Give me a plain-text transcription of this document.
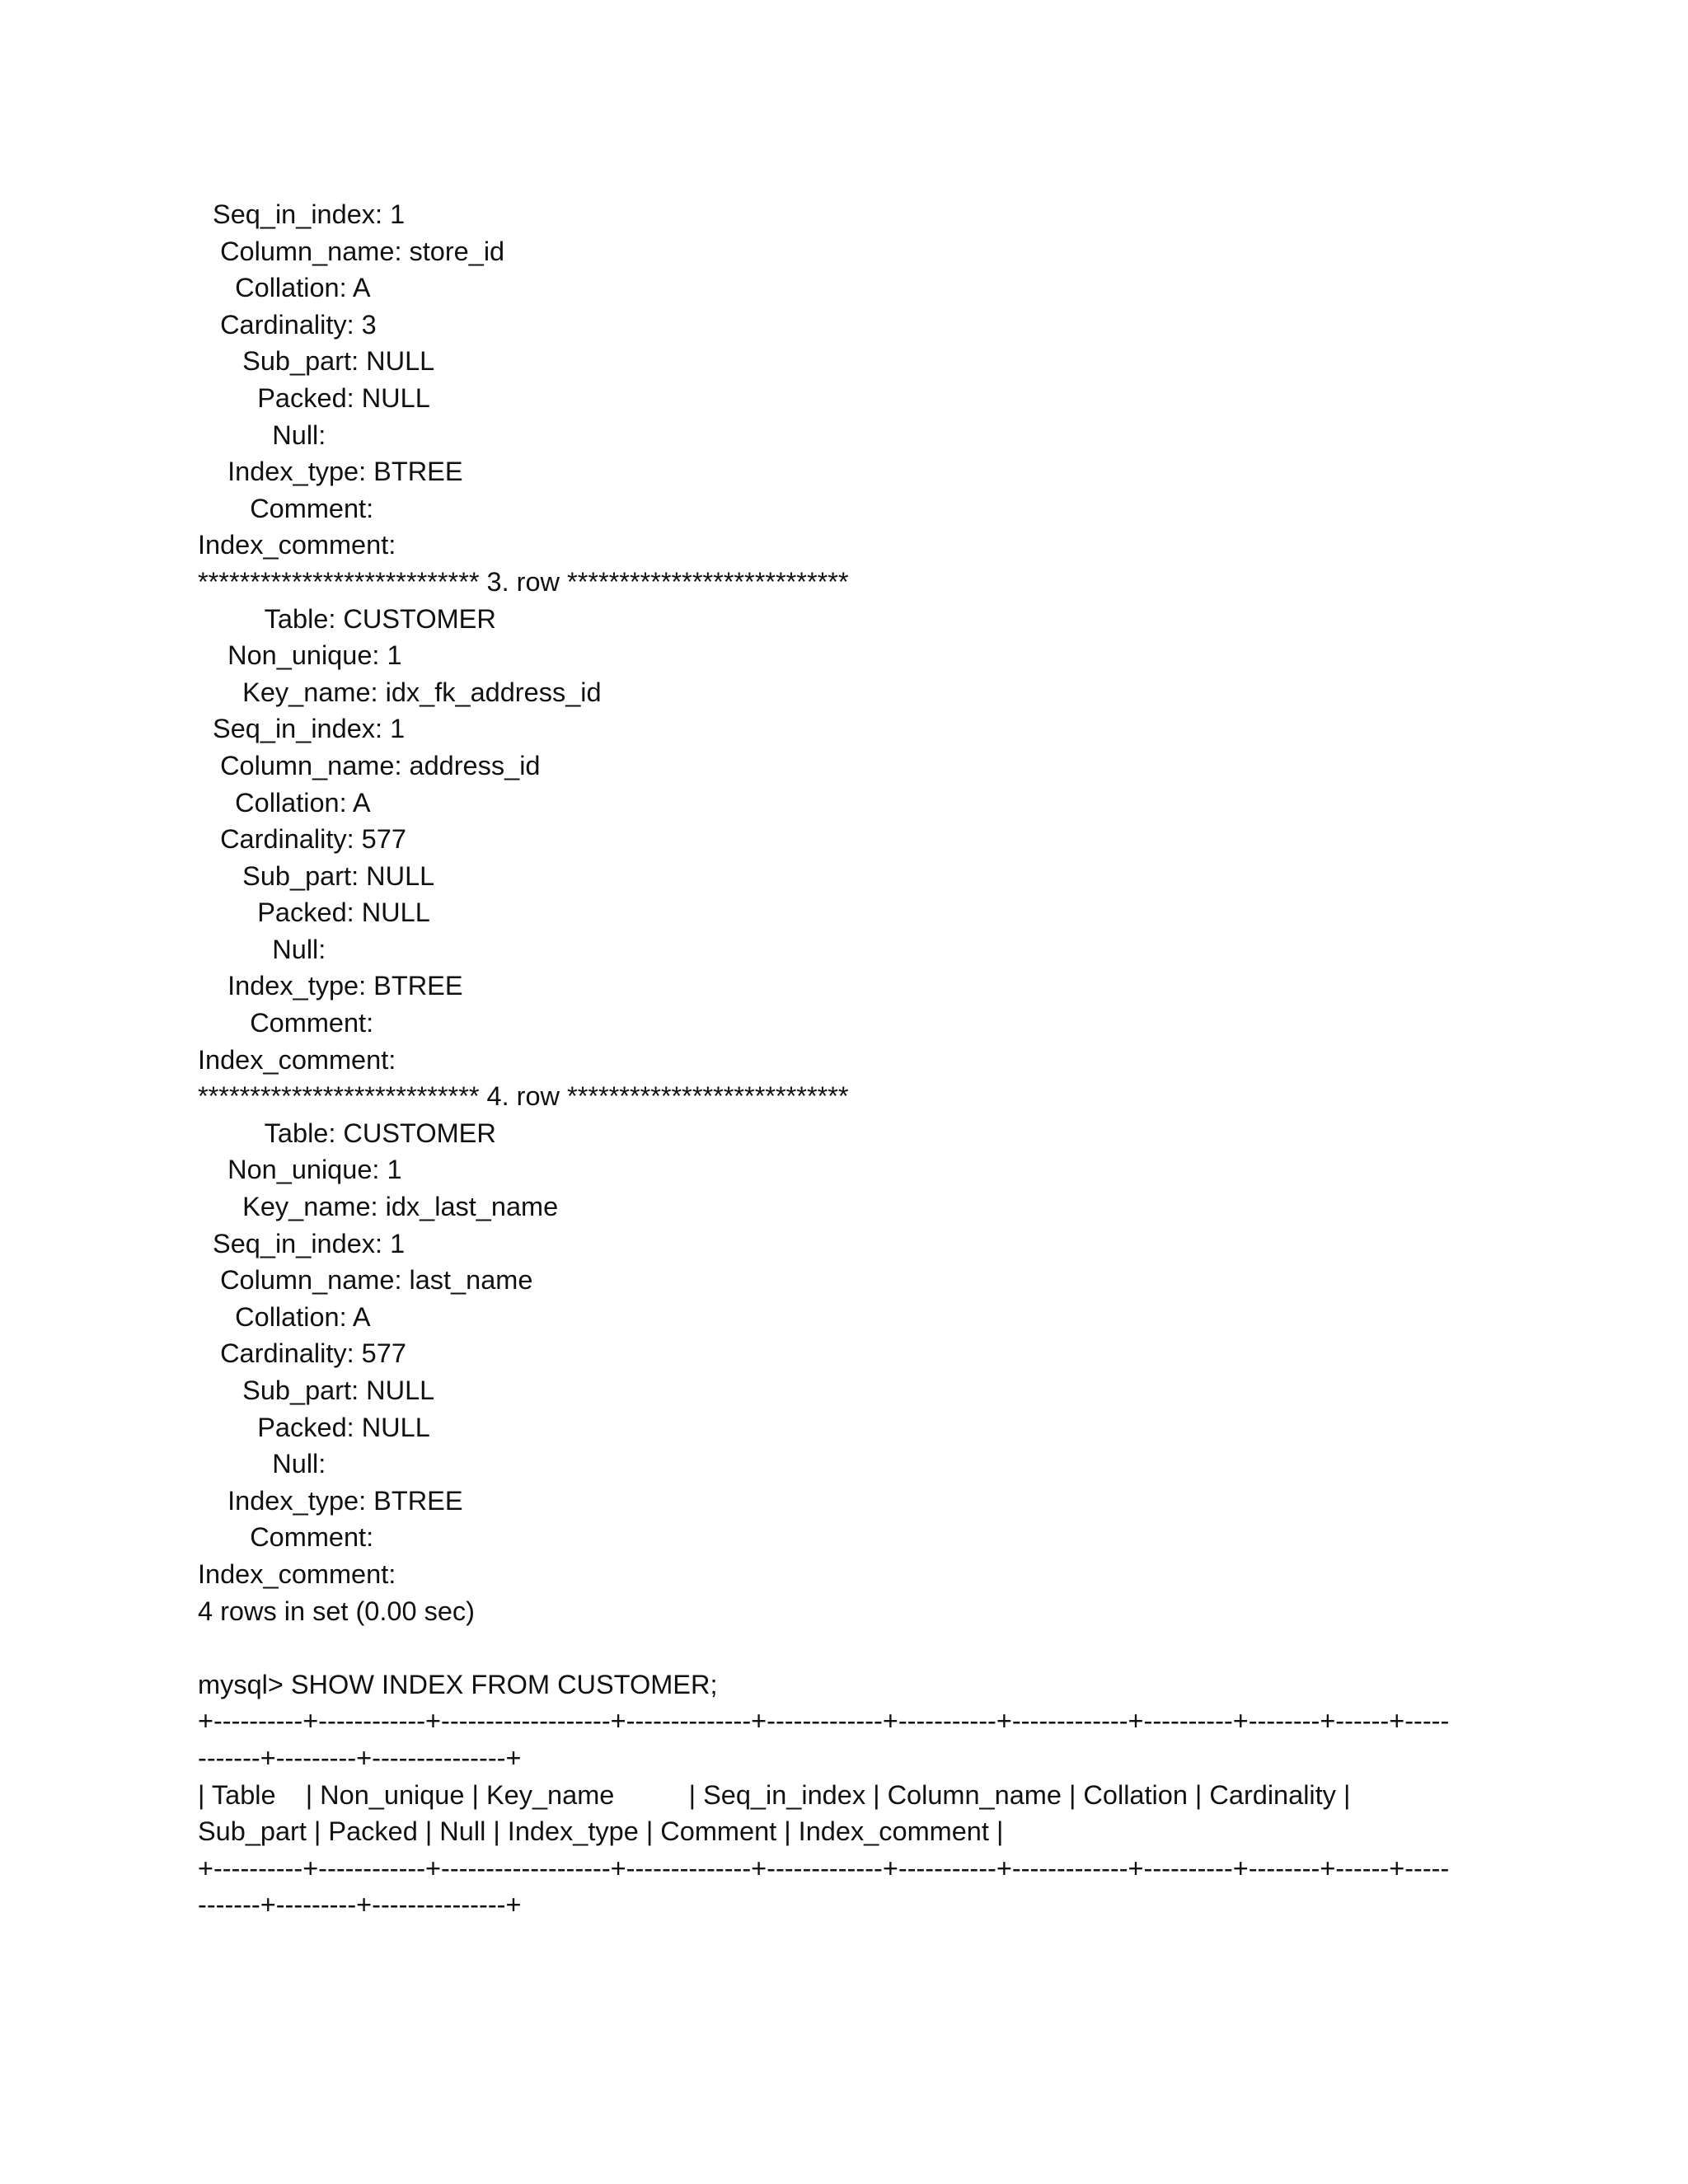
Seq_in_index: 1
Column_name: store_id
Collation: A
Cardinality: 3
Sub_part: NULL
Packed: NULL
Null:
Index_type: BTREE
Comment:
Index_comment:
*************************** 3. row ***************************
Table: CUSTOMER
Non_unique: 1
Key_name: idx_fk_address_id
Seq_in_index: 1
Column_name: address_id
Collation: A
Cardinality: 577
Sub_part: NULL
Packed: NULL
Null:
Index_type: BTREE
Comment:
Index_comment:
*************************** 4. row ***************************
Table: CUSTOMER
Non_unique: 1
Key_name: idx_last_name
Seq_in_index: 1
Column_name: last_name
Collation: A
Cardinality: 577
Sub_part: NULL
Packed: NULL
Null:
Index_type: BTREE
Comment:
Index_comment:
4 rows in set (0.00 sec)
mysql> SHOW INDEX FROM CUSTOMER;
+----------+------------+-------------------+--------------+-------------+-----------+-------------+----------+--------+------+-----
-------+---------+---------------+
| Table    | Non_unique | Key_name          | Seq_in_index | Column_name | Collation | Cardinality |
Sub_part | Packed | Null | Index_type | Comment | Index_comment |
+----------+------------+-------------------+--------------+-------------+-----------+-------------+----------+--------+------+-----
-------+---------+---------------+
